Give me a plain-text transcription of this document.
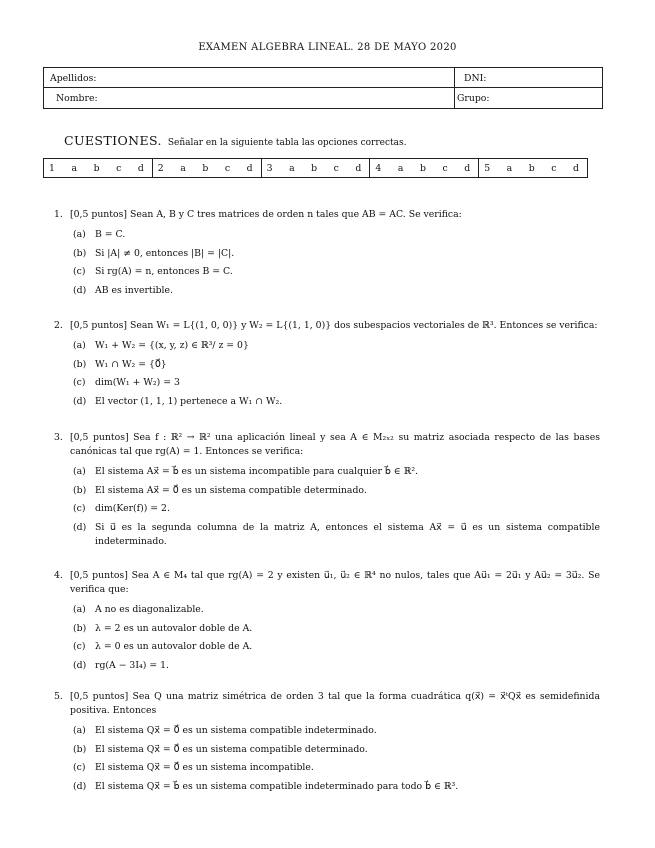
EXAMEN ALGEBRA LINEAL. 28 DE MAYO 2020
Apellidos:	DNI:
Nombre:	Grupo:
CUESTIONES. Señalar en la siguiente tabla las opciones correctas.
1 a b c d 2 a b c d 3 a b c d 4 a b c d 5 a b c d
1. [0,5 puntos] Sean A, B y C tres matrices de orden n tales que AB = AC. Se verifica:
(a) B = C.
(b) Si |A| ≠ 0, entonces |B| = |C|.
(c) Si rg(A) = n, entonces B = C.
(d) AB es invertible.
2. [0,5 puntos] Sean W₁ = L{(1, 0, 0)} y W₂ = L{(1, 1, 0)} dos subespacios vectoriales de ℝ³. Entonces se verifica:
(a) W₁ + W₂ = {(x, y, z) ∈ ℝ³/ z = 0}
(b) W₁ ∩ W₂ = {0⃗}
(c) dim(W₁ + W₂) = 3
(d) El vector (1, 1, 1) pertenece a W₁ ∩ W₂.
3. [0,5 puntos] Sea f : ℝ² → ℝ² una aplicación lineal y sea A ∈ M₂ₓ₂ su matriz asociada respecto de las bases canónicas tal que rg(A) = 1. Entonces se verifica:
(a) El sistema Ax⃗ = b⃗ es un sistema incompatible para cualquier b⃗ ∈ ℝ².
(b) El sistema Ax⃗ = 0⃗ es un sistema compatible determinado.
(c) dim(Ker(f)) = 2.
(d) Si u⃗ es la segunda columna de la matriz A, entonces el sistema Ax⃗ = u⃗ es un sistema compatible indeterminado.
4. [0,5 puntos] Sea A ∈ M₄ tal que rg(A) = 2 y existen u⃗₁, u⃗₂ ∈ ℝ⁴ no nulos, tales que Au⃗₁ = 2u⃗₁ y Au⃗₂ = 3u⃗₂. Se verifica que:
(a) A no es diagonalizable.
(b) λ = 2 es un autovalor doble de A.
(c) λ = 0 es un autovalor doble de A.
(d) rg(A − 3I₄) = 1.
5. [0,5 puntos] Sea Q una matriz simétrica de orden 3 tal que la forma cuadrática q(x⃗) = x⃗ᵗQx⃗ es semidefinida positiva. Entonces
(a) El sistema Qx⃗ = 0⃗ es un sistema compatible indeterminado.
(b) El sistema Qx⃗ = 0⃗ es un sistema compatible determinado.
(c) El sistema Qx⃗ = 0⃗ es un sistema incompatible.
(d) El sistema Qx⃗ = b⃗ es un sistema compatible indeterminado para todo b⃗ ∈ ℝ³.
